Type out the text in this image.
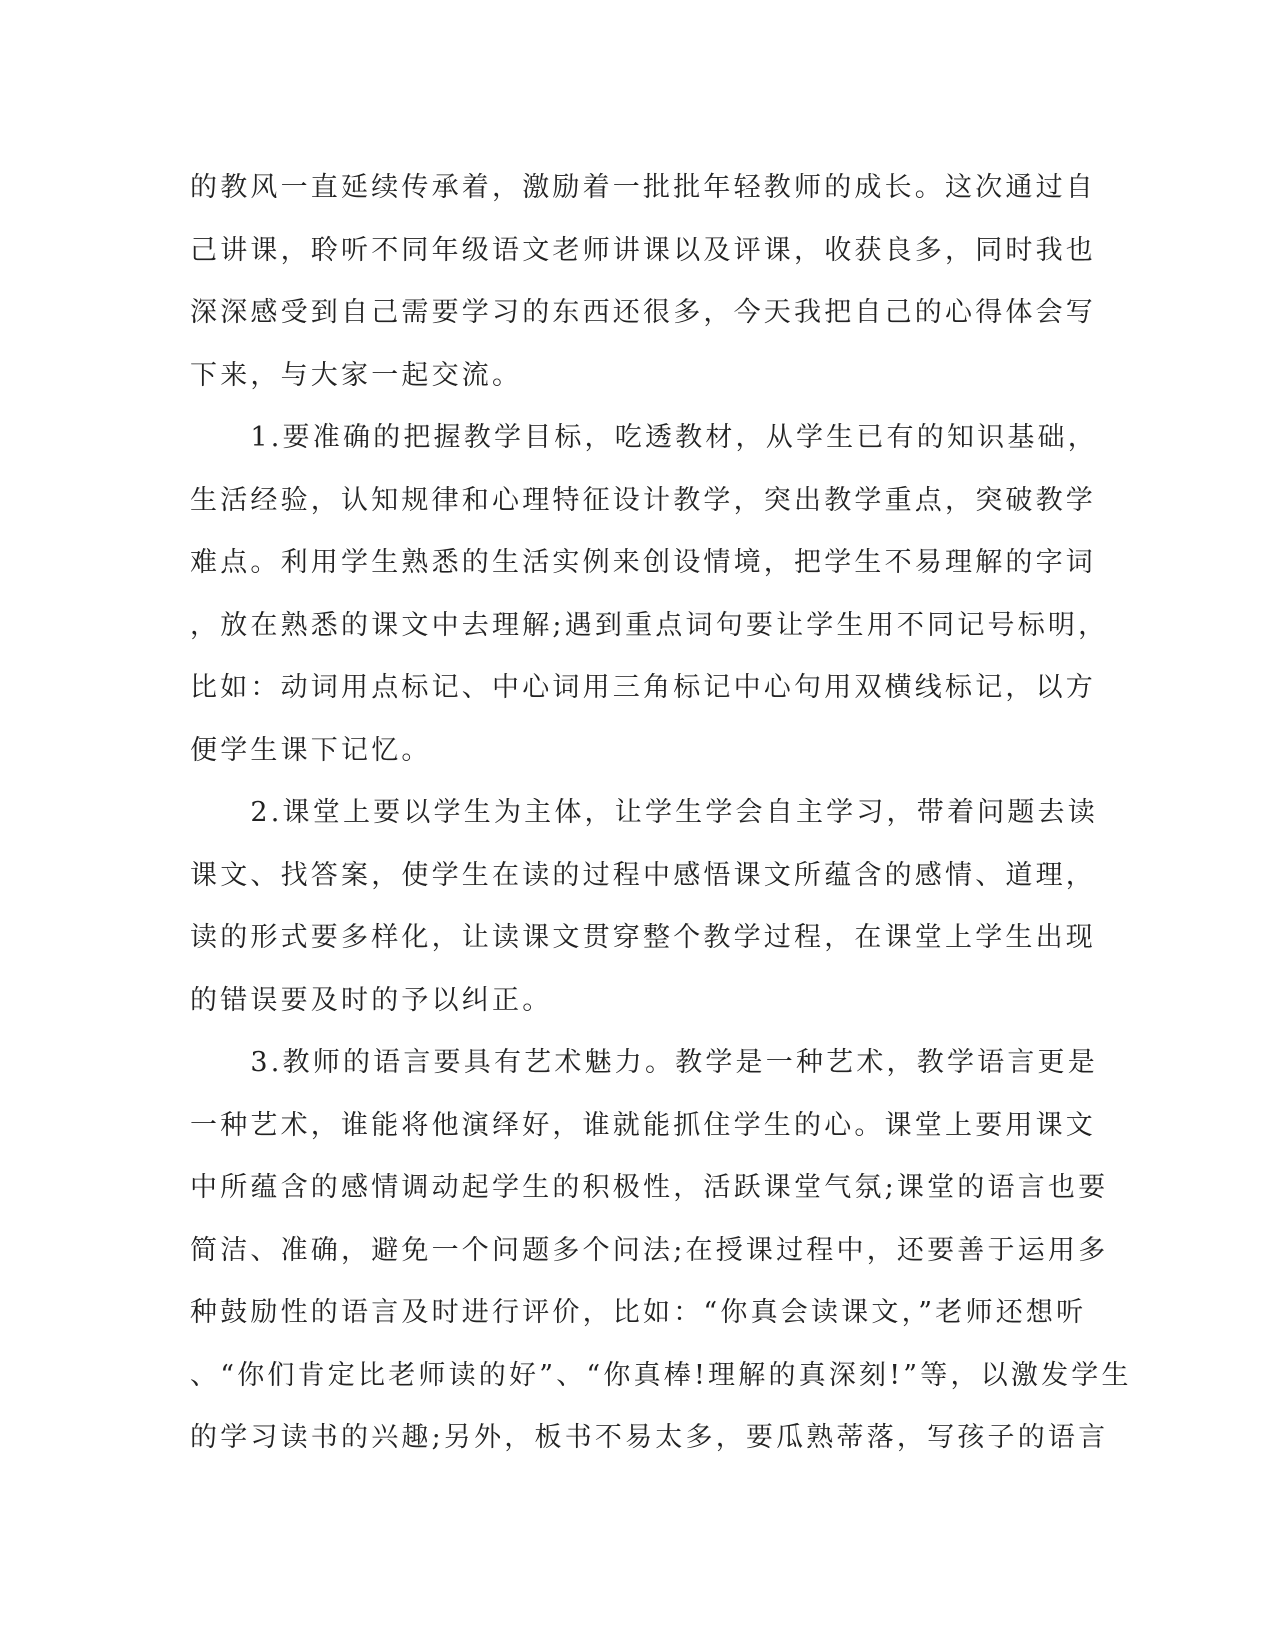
的教风一直延续传承着，激励着一批批年轻教师的成长。这次通过自
己讲课，聆听不同年级语文老师讲课以及评课，收获良多，同时我也
深深感受到自己需要学习的东西还很多，今天我把自己的心得体会写
下来，与大家一起交流。
　　1.要准确的把握教学目标，吃透教材，从学生已有的知识基础，
生活经验，认知规律和心理特征设计教学，突出教学重点，突破教学
难点。利用学生熟悉的生活实例来创设情境，把学生不易理解的字词
，放在熟悉的课文中去理解;遇到重点词句要让学生用不同记号标明，
比如：动词用点标记、中心词用三角标记中心句用双横线标记，以方
便学生课下记忆。
　　2.课堂上要以学生为主体，让学生学会自主学习，带着问题去读
课文、找答案，使学生在读的过程中感悟课文所蕴含的感情、道理，
读的形式要多样化，让读课文贯穿整个教学过程，在课堂上学生出现
的错误要及时的予以纠正。
　　3.教师的语言要具有艺术魅力。教学是一种艺术，教学语言更是
一种艺术，谁能将他演绎好，谁就能抓住学生的心。课堂上要用课文
中所蕴含的感情调动起学生的积极性，活跃课堂气氛;课堂的语言也要
简洁、准确，避免一个问题多个问法;在授课过程中，还要善于运用多
种鼓励性的语言及时进行评价，比如：“你真会读课文，”老师还想听
、“你们肯定比老师读的好”、“你真棒!理解的真深刻!”等，以激发学生
的学习读书的兴趣;另外，板书不易太多，要瓜熟蒂落，写孩子的语言
